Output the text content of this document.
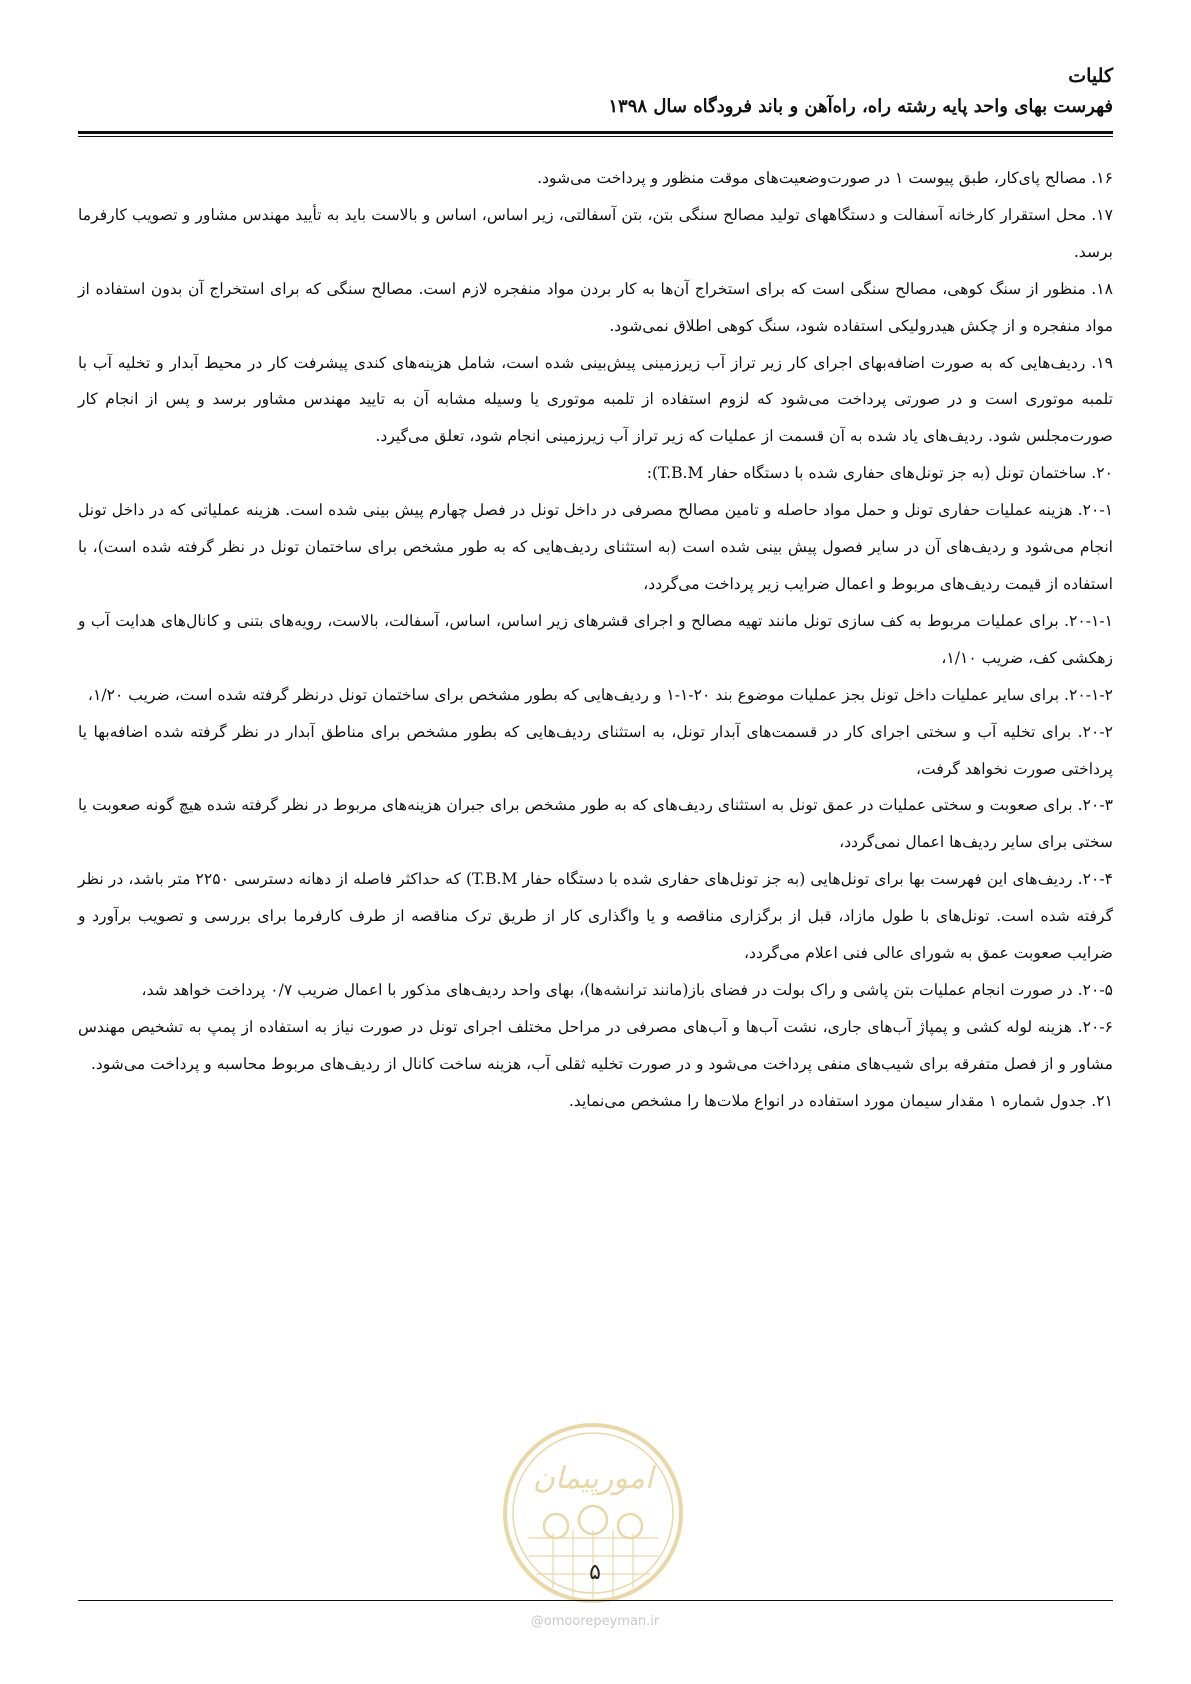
کلیات
فهرست بهای واحد پایه رشته راه، راه‌آهن و باند فرودگاه سال ۱۳۹۸

۱۶. مصالح پای‌کار، طبق پیوست ۱ در صورت‌وضعیت‌های موقت منظور و پرداخت می‌شود.

۱۷. محل استقرار کارخانه آسفالت و دستگاههای تولید مصالح سنگی بتن، بتن آسفالتی، زیر اساس، اساس و بالاست باید به تأیید مهندس مشاور و تصویب کارفرما برسد.

۱۸. منظور از سنگ کوهی، مصالح سنگی است که برای استخراج آن‌ها به کار بردن مواد منفجره لازم است. مصالح سنگی که برای استخراج آن بدون استفاده از مواد منفجره و از چکش هیدرولیکی استفاده شود، سنگ کوهی اطلاق نمی‌شود.

۱۹. ردیف‌هایی که به صورت اضافه‌بهای اجرای کار زیر تراز آب زیرزمینی پیش‌بینی شده است، شامل هزینه‌های کندی پیشرفت کار در محیط آبدار و تخلیه آب با تلمبه موتوری است و در صورتی پرداخت می‌شود که لزوم استفاده از تلمبه موتوری یا وسیله مشابه آن به تایید مهندس مشاور برسد و پس از انجام کار صورت‌مجلس شود. ردیف‌های یاد شده به آن قسمت از عملیات که زیر تراز آب زیرزمینی انجام شود، تعلق می‌گیرد.

۲۰. ساختمان تونل (به جز تونل‌های حفاری شده با دستگاه حفار T.B.M):

۲۰-۱. هزینه عملیات حفاری تونل و حمل مواد حاصله و تامین مصالح مصرفی در داخل تونل در فصل چهارم پیش بینی شده است. هزینه عملیاتی که در داخل تونل انجام می‌شود و ردیف‌های آن در سایر فصول پیش بینی شده است (به استثنای ردیف‌هایی که به طور مشخص برای ساختمان تونل در نظر گرفته شده است)، با استفاده از قیمت ردیف‌های مربوط و اعمال ضرایب زیر پرداخت می‌گردد،

۲۰-۱-۱. برای عملیات مربوط به کف سازی تونل مانند تهیه مصالح و اجرای قشرهای زیر اساس، اساس، آسفالت، بالاست، رویه‌های بتنی و کانال‌های هدایت آب و زهکشی کف، ضریب ۱/۱۰،

۲۰-۱-۲. برای سایر عملیات داخل تونل بجز عملیات موضوع بند ۲۰-۱-۱ و ردیف‌هایی که بطور مشخص برای ساختمان تونل درنظر گرفته شده است، ضریب ۱/۲۰،

۲۰-۲. برای تخلیه آب و سختی اجرای کار در قسمت‌های آبدار تونل، به استثنای ردیف‌هایی که بطور مشخص برای مناطق آبدار در نظر گرفته شده اضافه‌بها یا پرداختی صورت نخواهد گرفت،

۲۰-۳. برای صعوبت و سختی عملیات در عمق تونل به استثنای ردیف‌های که به طور مشخص برای جبران هزینه‌های مربوط در نظر گرفته شده هیچ گونه صعوبت یا سختی برای سایر ردیف‌ها اعمال نمی‌گردد،

۲۰-۴. ردیف‌های این فهرست بها برای تونل‌هایی (به جز تونل‌های حفاری شده با دستگاه حفار T.B.M) که حداکثر فاصله از دهانه دسترسی ۲۲۵۰ متر باشد، در نظر گرفته شده است. تونل‌های با طول مازاد، قبل از برگزاری مناقصه و یا واگذاری کار از طریق ترک مناقصه از طرف کارفرما برای بررسی و تصویب برآورد و ضرایب صعوبت عمق به شورای عالی فنی اعلام می‌گردد،

۲۰-۵. در صورت انجام عملیات بتن پاشی و راک بولت در فضای باز(مانند ترانشه‌ها)، بهای واحد ردیف‌های مذکور با اعمال ضریب ۰/۷ پرداخت خواهد شد،

۲۰-۶. هزینه لوله کشی و پمپاژ آب‌های جاری، نشت آب‌ها و آب‌های مصرفی در مراحل مختلف اجرای تونل در صورت نیاز به استفاده از پمپ به تشخیص مهندس مشاور و از فصل متفرقه برای شیب‌های منفی پرداخت می‌شود و در صورت تخلیه ثقلی آب، هزینه ساخت کانال از ردیف‌های مربوط محاسبه و پرداخت می‌شود.

۲۱. جدول شماره ۱ مقدار سیمان مورد استفاده در انواع ملات‌ها را مشخص می‌نماید.

امورپیمان
۵
@omoorepeyman.ir
